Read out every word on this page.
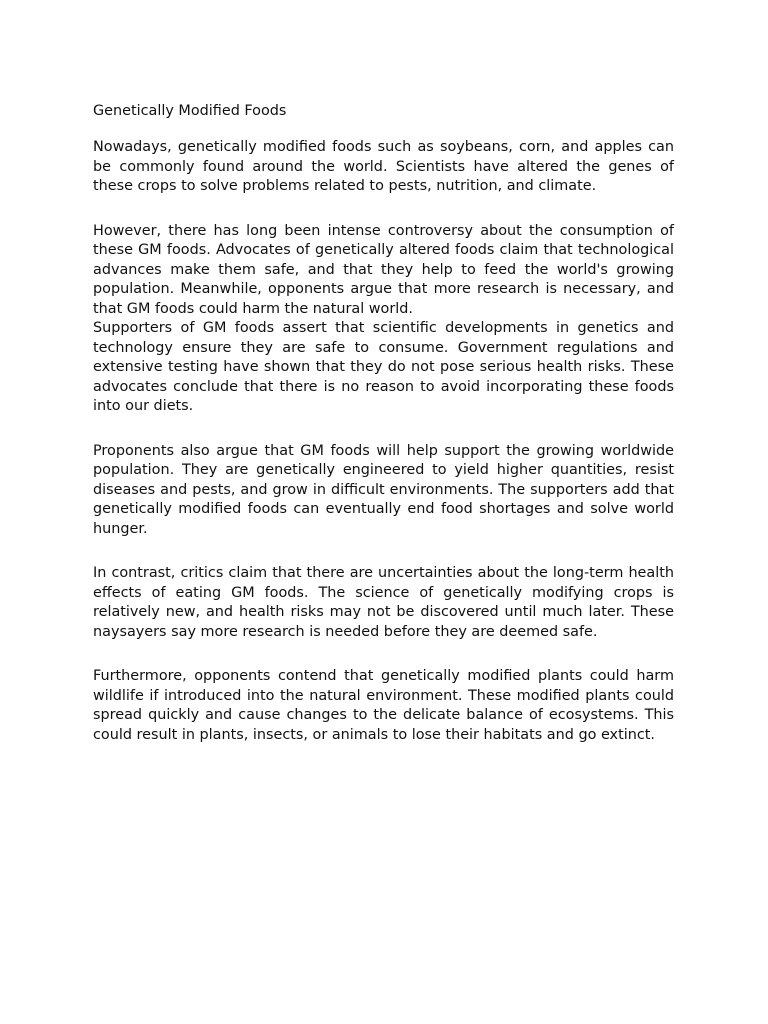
Genetically Modified Foods

Nowadays, genetically modified foods such as soybeans, corn, and apples can be commonly found around the world. Scientists have altered the genes of these crops to solve problems related to pests, nutrition, and climate.

However, there has long been intense controversy about the consumption of these GM foods. Advocates of genetically altered foods claim that technological advances make them safe, and that they help to feed the world's growing population. Meanwhile, opponents argue that more research is necessary, and that GM foods could harm the natural world.

Supporters of GM foods assert that scientific developments in genetics and technology ensure they are safe to consume. Government regulations and extensive testing have shown that they do not pose serious health risks. These advocates conclude that there is no reason to avoid incorporating these foods into our diets.

Proponents also argue that GM foods will help support the growing worldwide population. They are genetically engineered to yield higher quantities, resist diseases and pests, and grow in difficult environments. The supporters add that genetically modified foods can eventually end food shortages and solve world hunger.

In contrast, critics claim that there are uncertainties about the long-term health effects of eating GM foods. The science of genetically modifying crops is relatively new, and health risks may not be discovered until much later. These naysayers say more research is needed before they are deemed safe.

Furthermore, opponents contend that genetically modified plants could harm wildlife if introduced into the natural environment. These modified plants could spread quickly and cause changes to the delicate balance of ecosystems. This could result in plants, insects, or animals to lose their habitats and go extinct.
